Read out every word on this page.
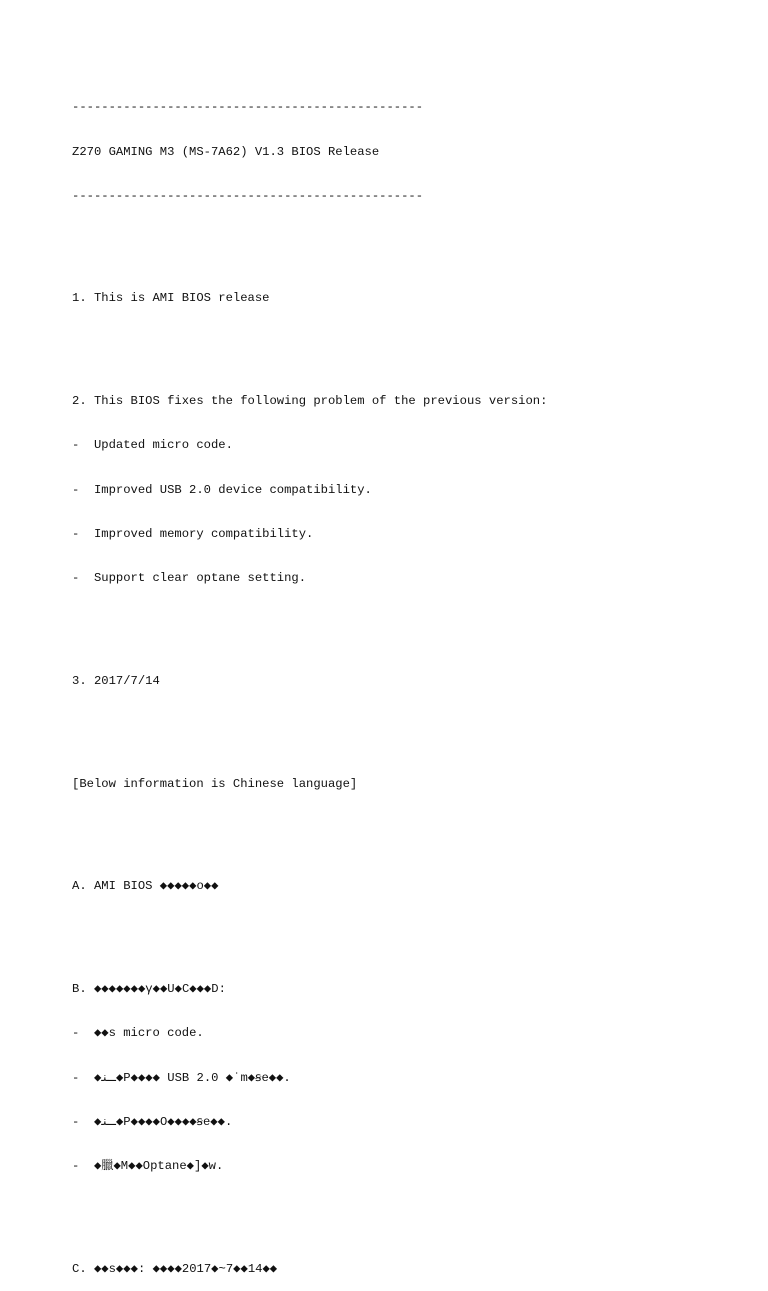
------------------------------------------------

Z270 GAMING M3 (MS-7A62) V1.3 BIOS Release

------------------------------------------------

1. This is AMI BIOS release

2. This BIOS fixes the following problem of the previous version:

-  Updated micro code.

-  Improved USB 2.0 device compatibility.

-  Improved memory compatibility.

-  Support clear optane setting.

3. 2017/7/14

[Below information is Chinese language]

A. AMI BIOS ◆◆◆◆◆o◆◆

B. ◆◆◆◆◆◆◆γ◆◆U◆C◆◆◆D:

-  ◆◆s micro code.

-  ◆ـﻨ◆P◆◆◆◆ USB 2.0 ◆ˈm◆ꞩe◆◆.

-  ◆ـﻨ◆P◆◆◆◆O◆◆◆◆ꞩe◆◆.

-  ◆臘◆M◆◆Optane◆]◆w.

C. ◆◆s◆◆◆: ◆◆◆◆2017◆~7◆◆14◆◆
